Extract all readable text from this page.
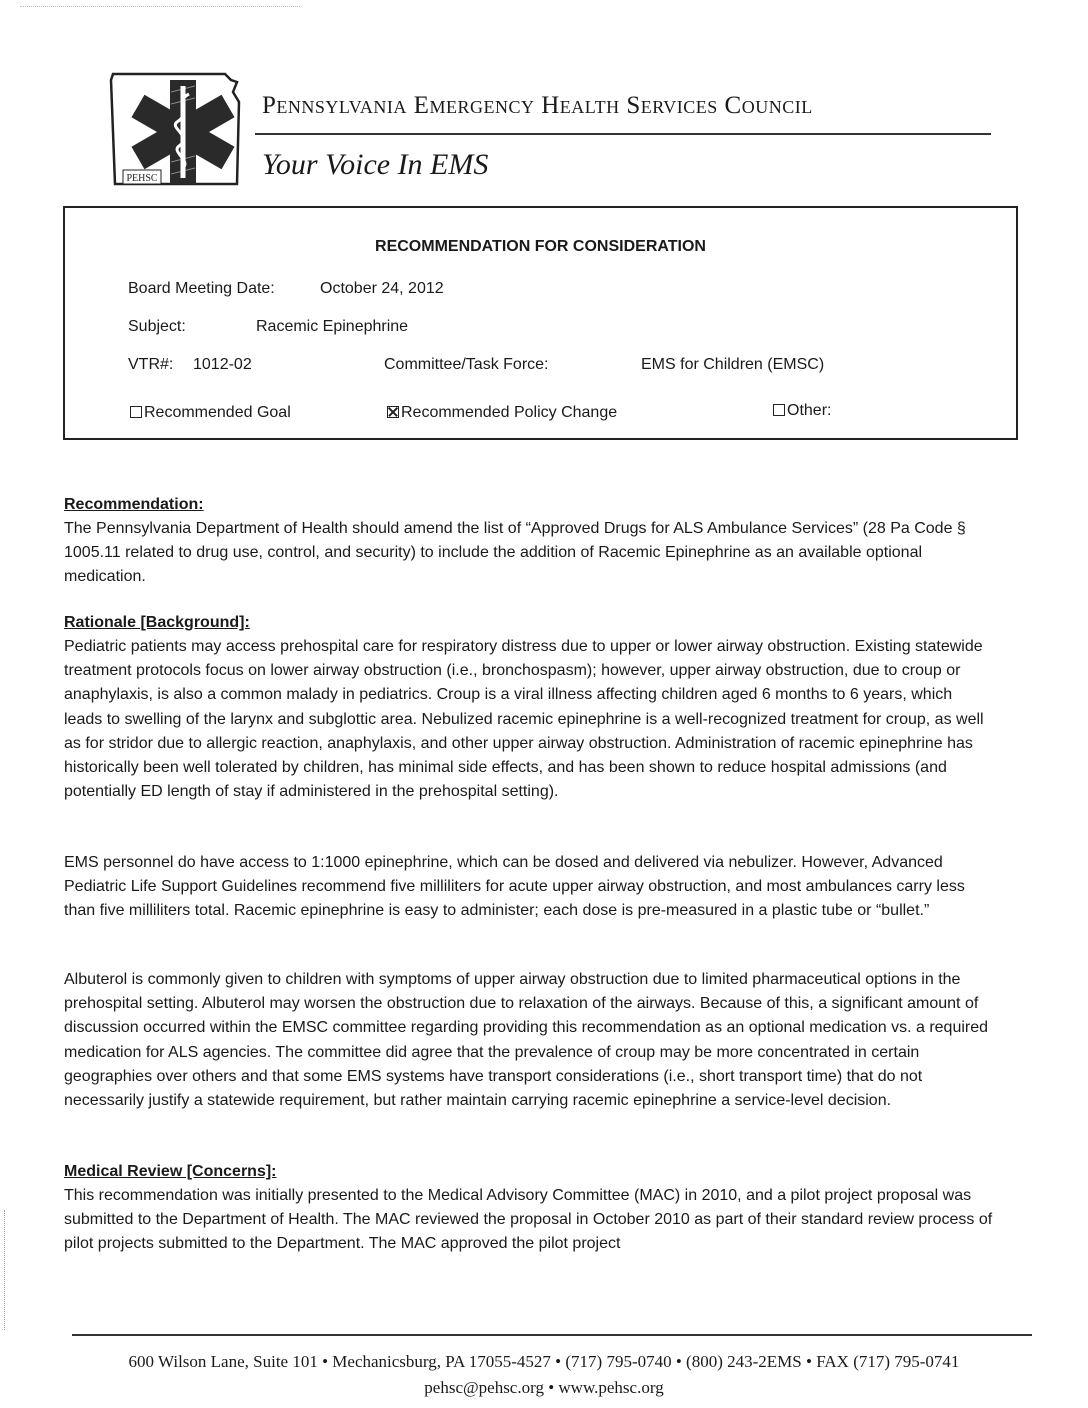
PEHSC
Pennsylvania Emergency Health Services Council
Your Voice In EMS
RECOMMENDATION FOR CONSIDERATION
Board Meeting Date:	October 24, 2012
Subject:	Racemic Epinephrine
VTR#: 1012-02	Committee/Task Force:	EMS for Children (EMSC)
Recommended Goal	Recommended Policy Change	Other:
Recommendation:

The Pennsylvania Department of Health should amend the list of “Approved Drugs for ALS Ambulance Services” (28 Pa Code § 1005.11 related to drug use, control, and security) to include the addition of Racemic Epinephrine as an available optional medication.

Rationale [Background]:

Pediatric patients may access prehospital care for respiratory distress due to upper or lower airway obstruction. Existing statewide treatment protocols focus on lower airway obstruction (i.e., bronchospasm); however, upper airway obstruction, due to croup or anaphylaxis, is also a common malady in pediatrics. Croup is a viral illness affecting children aged 6 months to 6 years, which leads to swelling of the larynx and subglottic area. Nebulized racemic epinephrine is a well-recognized treatment for croup, as well as for stridor due to allergic reaction, anaphylaxis, and other upper airway obstruction. Administration of racemic epinephrine has historically been well tolerated by children, has minimal side effects, and has been shown to reduce hospital admissions (and potentially ED length of stay if administered in the prehospital setting).

EMS personnel do have access to 1:1000 epinephrine, which can be dosed and delivered via nebulizer. However, Advanced Pediatric Life Support Guidelines recommend five milliliters for acute upper airway obstruction, and most ambulances carry less than five milliliters total. Racemic epinephrine is easy to administer; each dose is pre-measured in a plastic tube or “bullet.”

Albuterol is commonly given to children with symptoms of upper airway obstruction due to limited pharmaceutical options in the prehospital setting. Albuterol may worsen the obstruction due to relaxation of the airways. Because of this, a significant amount of discussion occurred within the EMSC committee regarding providing this recommendation as an optional medication vs. a required medication for ALS agencies. The committee did agree that the prevalence of croup may be more concentrated in certain geographies over others and that some EMS systems have transport considerations (i.e., short transport time) that do not necessarily justify a statewide requirement, but rather maintain carrying racemic epinephrine a service-level decision.

Medical Review [Concerns]:

This recommendation was initially presented to the Medical Advisory Committee (MAC) in 2010, and a pilot project proposal was submitted to the Department of Health. The MAC reviewed the proposal in October 2010 as part of their standard review process of pilot projects submitted to the Department. The MAC approved the pilot project

600 Wilson Lane, Suite 101 • Mechanicsburg, PA 17055-4527 • (717) 795-0740 • (800) 243-2EMS • FAX (717) 795-0741
pehsc@pehsc.org • www.pehsc.org
